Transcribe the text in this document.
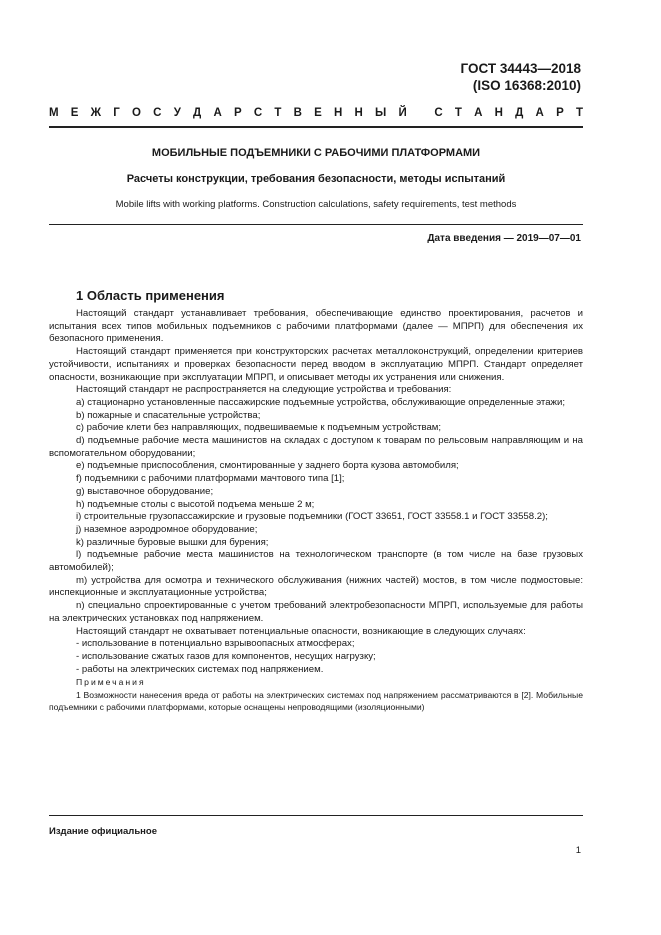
ГОСТ 34443—2018
(ISO 16368:2010)
М Е Ж Г О С У Д А Р С Т В Е Н Н Ы Й
С Т А Н Д А Р Т
МОБИЛЬНЫЕ ПОДЪЕМНИКИ С РАБОЧИМИ ПЛАТФОРМАМИ
Расчеты конструкции, требования безопасности, методы испытаний
Mobile lifts with working platforms. Construction calculations, safety requirements, test methods
Дата введения — 2019—07—01
1 Область применения

Настоящий стандарт устанавливает требования, обеспечивающие единство проектирования, расчетов и испытания всех типов мобильных подъемников с рабочими платформами (далее — МПРП) для обеспечения их безопасного применения.

Настоящий стандарт применяется при конструкторских расчетах металлоконструкций, определении критериев устойчивости, испытаниях и проверках безопасности перед вводом в эксплуатацию МПРП. Стандарт определяет опасности, возникающие при эксплуатации МПРП, и описывает методы их устранения или снижения.

Настоящий стандарт не распространяется на следующие устройства и требования:

а) стационарно установленные пассажирские подъемные устройства, обслуживающие определенные этажи;

b) пожарные и спасательные устройства;

c) рабочие клети без направляющих, подвешиваемые к подъемным устройствам;

d) подъемные рабочие места машинистов на складах с доступом к товарам по рельсовым направляющим и на вспомогательном оборудовании;

e) подъемные приспособления, смонтированные у заднего борта кузова автомобиля;

f) подъемники с рабочими платформами мачтового типа [1];

g) выставочное оборудование;

h) подъемные столы с высотой подъема меньше 2 м;

i) строительные грузопассажирские и грузовые подъемники (ГОСТ 33651, ГОСТ 33558.1 и ГОСТ 33558.2);

j) наземное аэродромное оборудование;

k) различные буровые вышки для бурения;

l) подъемные рабочие места машинистов на технологическом транспорте (в том числе на базе грузовых автомобилей);

m) устройства для осмотра и технического обслуживания (нижних частей) мостов, в том числе подмостовые: инспекционные и эксплуатационные устройства;

n) специально спроектированные с учетом требований электробезопасности МПРП, используемые для работы на электрических установках под напряжением.

Настоящий стандарт не охватывает потенциальные опасности, возникающие в следующих случаях:

- использование в потенциально взрывоопасных атмосферах;

- использование сжатых газов для компонентов, несущих нагрузку;

- работы на электрических системах под напряжением.

Примечания

1 Возможности нанесения вреда от работы на электрических системах под напряжением рассматриваются в [2]. Мобильные подъемники с рабочими платформами, которые оснащены непроводящими (изоляционными)

Издание официальное
1
